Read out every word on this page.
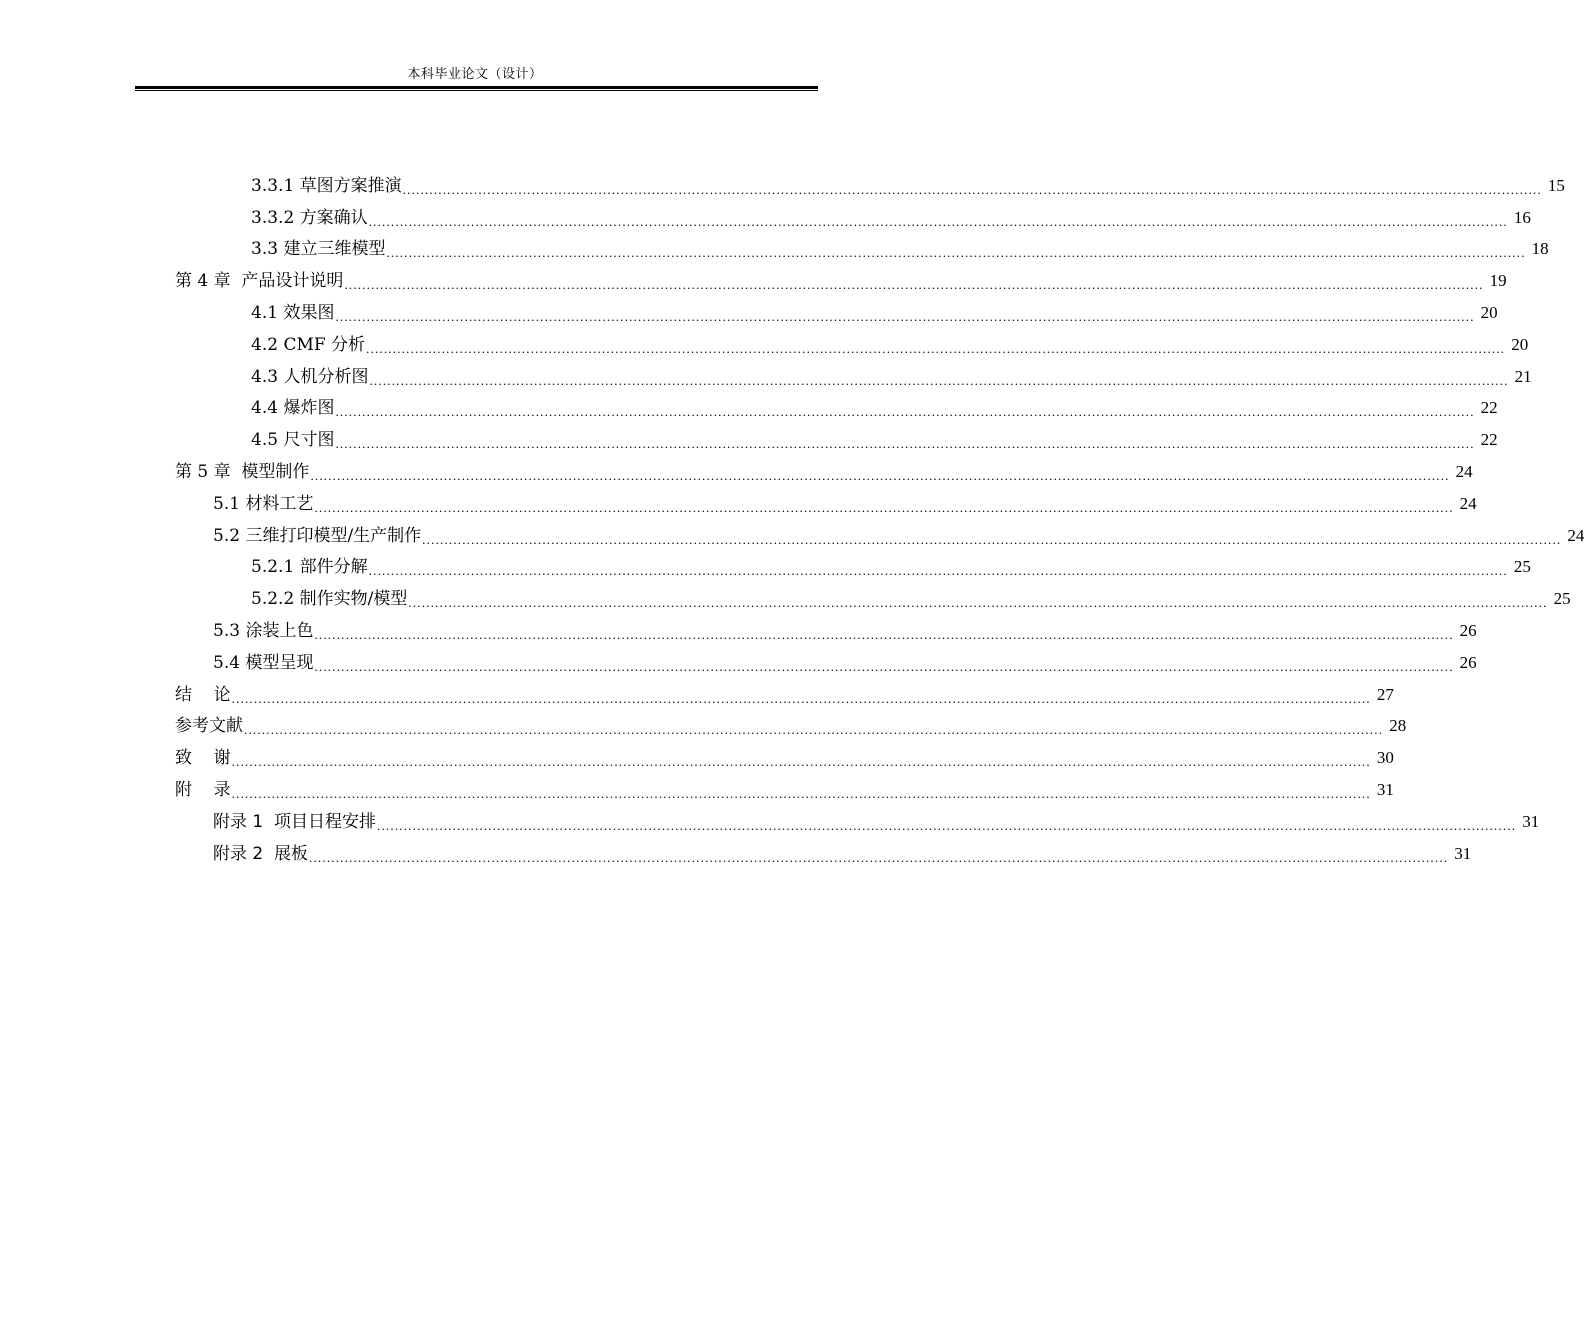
本科毕业论文（设计）
3.3.1 草图方案推演 ................................................................................................................................................................................................................................................................ 15
3.3.2 方案确认 ................................................................................................................................................................................................................................................................ 16
3.3 建立三维模型 ................................................................................................................................................................................................................................................................ 18
第 4 章  产品设计说明 ................................................................................................................................................................................................................................................................ 19
4.1 效果图 ................................................................................................................................................................................................................................................................ 20
4.2 CMF 分析 ................................................................................................................................................................................................................................................................ 20
4.3 人机分析图 ................................................................................................................................................................................................................................................................ 21
4.4 爆炸图 ................................................................................................................................................................................................................................................................ 22
4.5 尺寸图 ................................................................................................................................................................................................................................................................ 22
第 5 章  模型制作 ................................................................................................................................................................................................................................................................ 24
5.1 材料工艺 ................................................................................................................................................................................................................................................................ 24
5.2 三维打印模型/生产制作 ................................................................................................................................................................................................................................................................ 24
5.2.1 部件分解 ................................................................................................................................................................................................................................................................ 25
5.2.2 制作实物/模型 ................................................................................................................................................................................................................................................................ 25
5.3 涂装上色 ................................................................................................................................................................................................................................................................ 26
5.4 模型呈现 ................................................................................................................................................................................................................................................................ 26
结    论 ................................................................................................................................................................................................................................................................ 27
参考文献 ................................................................................................................................................................................................................................................................ 28
致    谢 ................................................................................................................................................................................................................................................................ 30
附    录 ................................................................................................................................................................................................................................................................ 31
附录 1  项目日程安排 ................................................................................................................................................................................................................................................................ 31
附录 2  展板 ................................................................................................................................................................................................................................................................ 31
